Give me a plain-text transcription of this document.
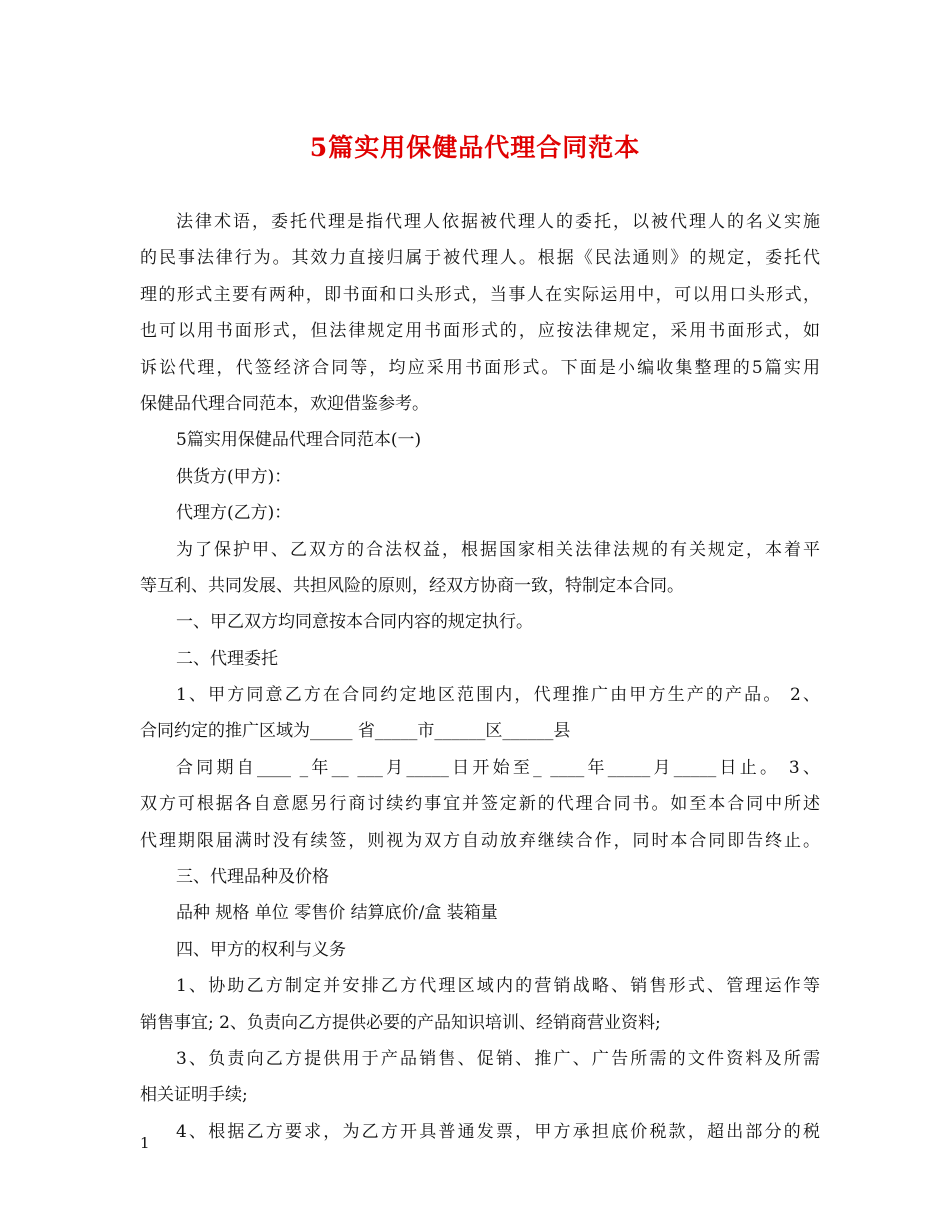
5篇实用保健品代理合同范本
法律术语，委托代理是指代理人依据被代理人的委托，以被代理人的名义实施
的民事法律行为。其效力直接归属于被代理人。根据《民法通则》的规定，委托代
理的形式主要有两种，即书面和口头形式，当事人在实际运用中，可以用口头形式，
也可以用书面形式，但法律规定用书面形式的，应按法律规定，采用书面形式，如
诉讼代理，代签经济合同等，均应采用书面形式。下面是小编收集整理的5篇实用
保健品代理合同范本，欢迎借鉴参考。
5篇实用保健品代理合同范本(一)
供货方(甲方)：
代理方(乙方)：
为了保护甲、乙双方的合法权益，根据国家相关法律法规的有关规定，本着平
等互利、共同发展、共担风险的原则，经双方协商一致，特制定本合同。
一、甲乙双方均同意按本合同内容的规定执行。
二、代理委托
1、甲方同意乙方在合同约定地区范围内，代理推广由甲方生产的产品。 2、
合同约定的推广区域为_____ 省_____市______区______县
合同期自____ _年__ ___月_____日开始至_ ____年_____月_____日止。 3、
双方可根据各自意愿另行商讨续约事宜并签定新的代理合同书。如至本合同中所述
代理期限届满时没有续签，则视为双方自动放弃继续合作，同时本合同即告终止。
三、代理品种及价格
品种 规格 单位 零售价 结算底价/盒 装箱量
四、甲方的权利与义务
1、协助乙方制定并安排乙方代理区域内的营销战略、销售形式、管理运作等
销售事宜; 2、负责向乙方提供必要的产品知识培训、经销商营业资料;
3、负责向乙方提供用于产品销售、促销、推广、广告所需的文件资料及所需
相关证明手续;
4、根据乙方要求，为乙方开具普通发票，甲方承担底价税款，超出部分的税
1
